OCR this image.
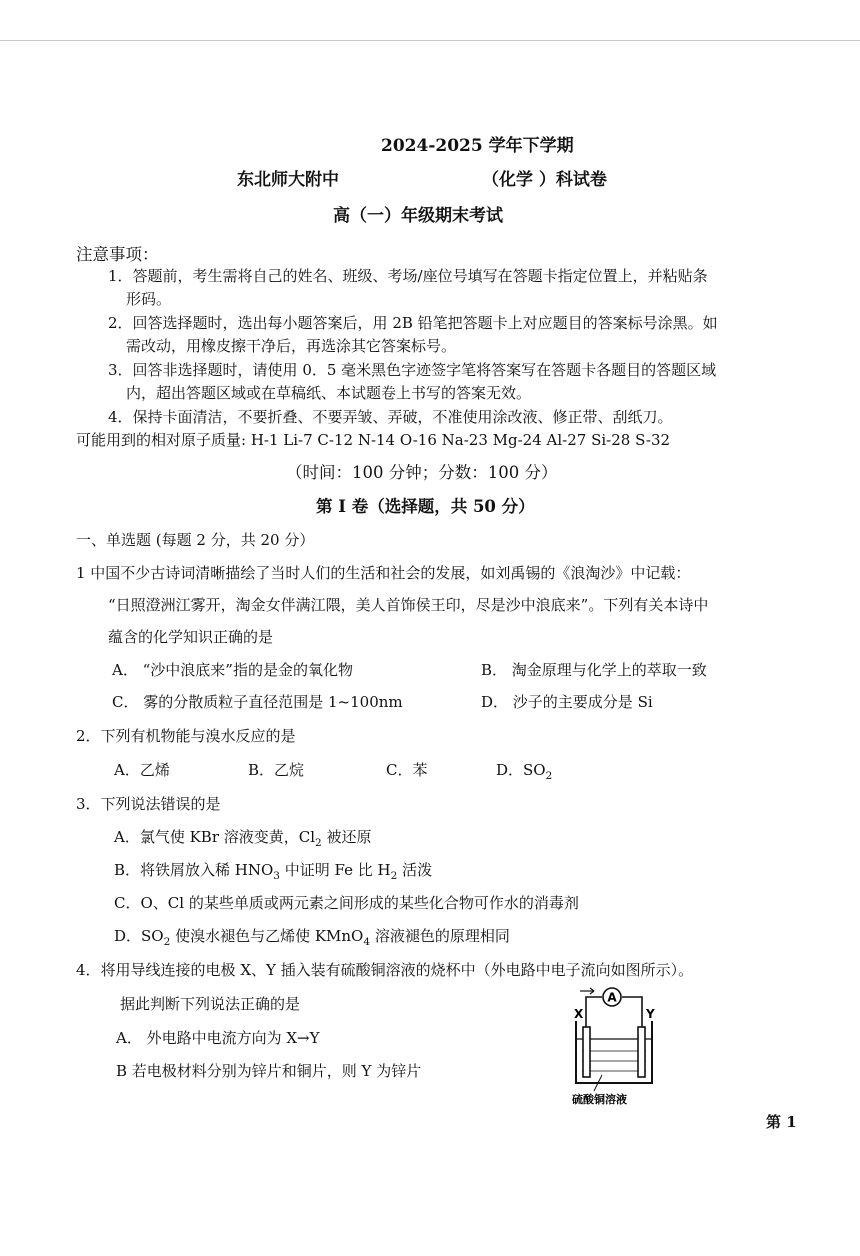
2024-2025 学年下学期
东北师大附中	（化学 ）科试卷
高（一）年级期末考试
注意事项：
1．答题前，考生需将自己的姓名、班级、考场/座位号填写在答题卡指定位置上，并粘贴条
形码。
2．回答选择题时，选出每小题答案后，用 2B 铅笔把答题卡上对应题目的答案标号涂黑。如
需改动，用橡皮擦干净后，再选涂其它答案标号。
3．回答非选择题时，请使用 0．5 毫米黑色字迹签字笔将答案写在答题卡各题目的答题区域
内，超出答题区域或在草稿纸、本试题卷上书写的答案无效。
4．保持卡面清洁，不要折叠、不要弄皱、弄破，不准使用涂改液、修正带、刮纸刀。
可能用到的相对原子质量: H-1 Li-7 C-12 N-14 O-16 Na-23 Mg-24 Al-27 Si-28 S-32
（时间：100 分钟；分数：100 分）
第 I 卷（选择题，共 50 分）
一、单选题 (每题 2 分，共 20 分）
1 中国不少古诗词清晰描绘了当时人们的生活和社会的发展，如刘禹锡的《浪淘沙》中记载：
“日照澄洲江雾开，淘金女伴满江隈，美人首饰侯王印，尽是沙中浪底来”。下列有关本诗中
蕴含的化学知识正确的是
A． “沙中浪底来”指的是金的氧化物	B． 淘金原理与化学上的萃取一致
C． 雾的分散质粒子直径范围是 1~100nm	D． 沙子的主要成分是 Si
2．下列有机物能与溴水反应的是
A．乙烯	B．乙烷	C．苯	D．$SO_2$
3．下列说法错误的是
A．氯气使 KBr 溶液变黄，$Cl_2$ 被还原
B．将铁屑放入稀 $HNO_3$ 中证明 Fe 比 $H_2$ 活泼
C．O、Cl 的某些单质或两元素之间形成的某些化合物可作水的消毒剂
D．$SO_2$ 使溴水褪色与乙烯使 KMnO$_4$ 溶液褪色的原理相同
4．将用导线连接的电极 X、Y 插入装有硫酸铜溶液的烧杯中（外电路中电子流向如图所示）。
据此判断下列说法正确的是
A． 外电路中电流方向为 X→Y
B 若电极材料分别为锌片和铜片，则 Y 为锌片
A
X	Y
硫酸铜溶液
第 1
